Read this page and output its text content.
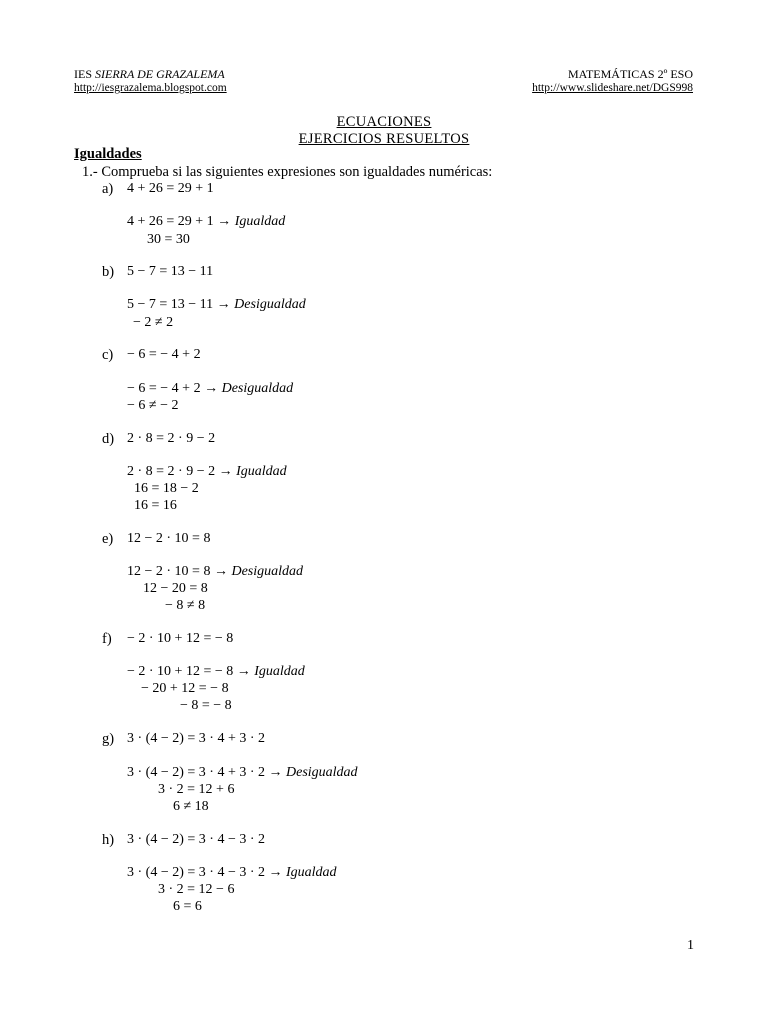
IES SIERRA DE GRAZALEMA
http://iesgrazalema.blogspot.com
MATEMÁTICAS 2º ESO
http://www.slideshare.net/DGS998
ECUACIONES
EJERCICIOS RESUELTOS
Igualdades
1.- Comprueba si las siguientes expresiones son igualdades numéricas:
a) 4 + 26 = 29 + 1
4 + 26 = 29 + 1 → Igualdad
30 = 30
b) 5 − 7 = 13 − 11
5 − 7 = 13 − 11 → Desigualdad
− 2 ≠ 2
c) − 6 = − 4 + 2
− 6 = − 4 + 2 → Desigualdad
− 6 ≠ − 2
d) 2 · 8 = 2 · 9 − 2
2 · 8 = 2 · 9 − 2 → Igualdad
16 = 18 − 2
16 = 16
e) 12 − 2 · 10 = 8
12 − 2 · 10 = 8 → Desigualdad
12 − 20 = 8
− 8 ≠ 8
f) − 2 · 10 + 12 = − 8
− 2 · 10 + 12 = − 8 → Igualdad
− 20 + 12 = − 8
− 8 = − 8
g) 3 · (4 − 2) = 3 · 4 + 3 · 2
3 · (4 − 2) = 3 · 4 + 3 · 2 → Desigualdad
3 · 2 = 12 + 6
6 ≠ 18
h) 3 · (4 − 2) = 3 · 4 − 3 · 2
3 · (4 − 2) = 3 · 4 − 3 · 2 → Igualdad
3 · 2 = 12 − 6
6 = 6
1
